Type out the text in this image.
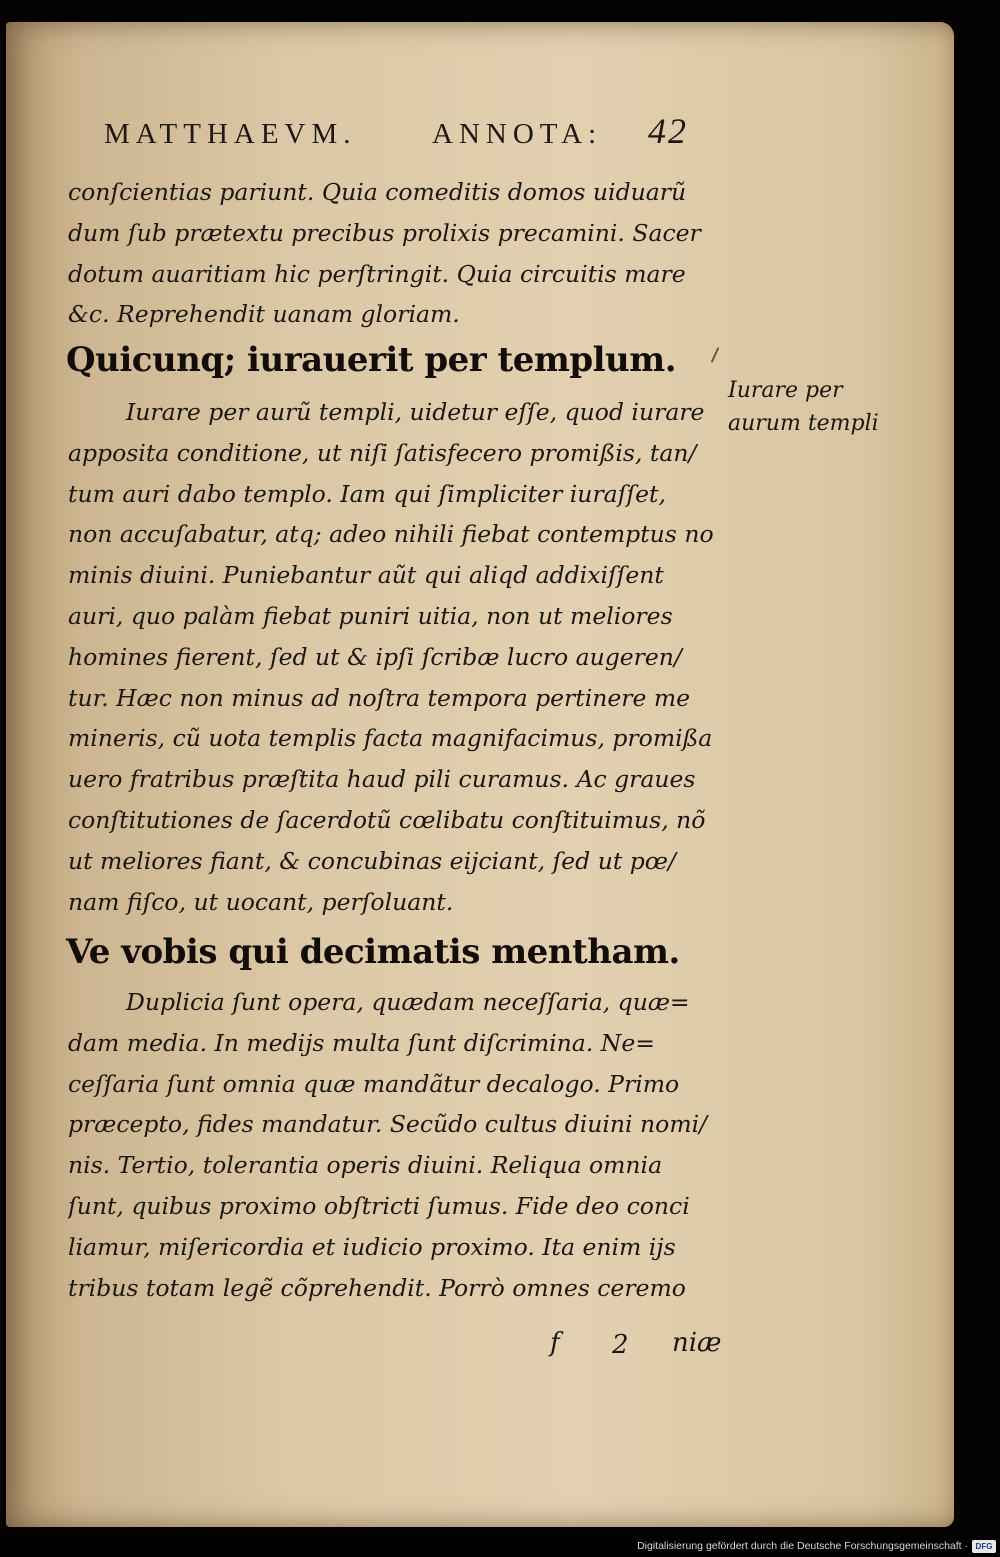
MATTHAEVM.	ANNOTA: 42
conſcientias pariunt. Quia comeditis domos uiduarũ
dum ſub prætextu precibus prolixis precamini. Sacer
dotum auaritiam hic perſtringit. Quia circuitis mare
&c. Reprehendit uanam gloriam.
Quicunq; iurauerit per templum.
Iurare per
aurum templi
Iurare per aurũ templi, uidetur eſſe, quod iurare
apposita conditione, ut niſi ſatisfecero promißis, tan/
tum auri dabo templo. Iam qui ſimpliciter iuraſſet,
non accuſabatur, atq; adeo nihili fiebat contemptus no
minis diuini. Puniebantur aũt qui aliqd addixiſſent
auri, quo palàm fiebat puniri uitia, non ut meliores
homines fierent, ſed ut & ipſi ſcribæ lucro augeren/
tur. Hæc non minus ad noſtra tempora pertinere me
mineris, cũ uota templis facta magnifacimus, promißa
uero fratribus præſtita haud pili curamus. Ac graues
conſtitutiones de ſacerdotũ cœlibatu conſtituimus, nõ
ut meliores fiant, & concubinas eijciant, ſed ut pœ/
nam fiſco, ut uocant, perſoluant.
Ve vobis qui decimatis mentham.
Duplicia ſunt opera, quædam neceſſaria, quæ=
dam media. In medijs multa ſunt diſcrimina. Ne=
ceſſaria ſunt omnia quæ mandãtur decalogo. Primo
præcepto, fides mandatur. Secũdo cultus diuini nomi/
nis. Tertio, tolerantia operis diuini. Reliqua omnia
ſunt, quibus proximo obſtricti ſumus. Fide deo conci
liamur, miſericordia et iudicio proximo. Ita enim ijs
tribus totam legẽ cõprehendit. Porrò omnes ceremo
f 2 niæ
Digitalisierung gefördert durch die Deutsche Forschungsgemeinschaft · DFG
